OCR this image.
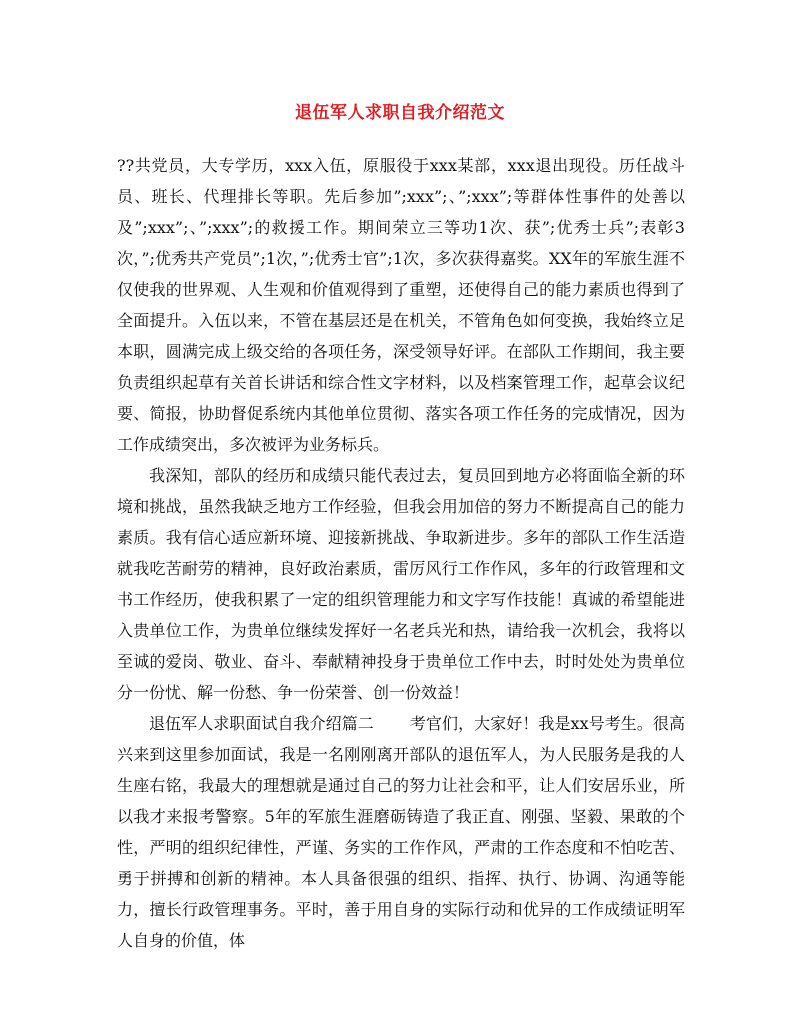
退伍军人求职自我介绍范文

??共党员，大专学历，xxx入伍，原服役于xxx某部，xxx退出现役。历任战斗员、班长、代理排长等职。先后参加”;xxx”;、”;xxx”;等群体性事件的处善以及”;xxx”;、”;xxx”;的救援工作。期间荣立三等功1次、获”;优秀士兵”;表彰3次，”;优秀共产党员”;1次，”;优秀士官”;1次，多次获得嘉奖。XX年的军旅生涯不仅使我的世界观、人生观和价值观得到了重塑，还使得自己的能力素质也得到了全面提升。入伍以来，不管在基层还是在机关，不管角色如何变换，我始终立足本职，圆满完成上级交给的各项任务，深受领导好评。在部队工作期间，我主要负责组织起草有关首长讲话和综合性文字材料，以及档案管理工作，起草会议纪要、简报，协助督促系统内其他单位贯彻、落实各项工作任务的完成情况，因为工作成绩突出，多次被评为业务标兵。

我深知，部队的经历和成绩只能代表过去，复员回到地方必将面临全新的环境和挑战，虽然我缺乏地方工作经验，但我会用加倍的努力不断提高自己的能力素质。我有信心适应新环境、迎接新挑战、争取新进步。多年的部队工作生活造就我吃苦耐劳的精神，良好政治素质，雷厉风行工作作风，多年的行政管理和文书工作经历，使我积累了一定的组织管理能力和文字写作技能！真诚的希望能进入贵单位工作，为贵单位继续发挥好一名老兵光和热，请给我一次机会，我将以至诚的爱岗、敬业、奋斗、奉献精神投身于贵单位工作中去，时时处处为贵单位分一份忧、解一份愁、争一份荣誉、创一份效益！

退伍军人求职面试自我介绍篇二 考官们，大家好！我是xx号考生。很高兴来到这里参加面试，我是一名刚刚离开部队的退伍军人，为人民服务是我的人生座右铭，我最大的理想就是通过自己的努力让社会和平，让人们安居乐业，所以我才来报考警察。5年的军旅生涯磨砺铸造了我正直、刚强、坚毅、果敢的个性，严明的组织纪律性，严谨、务实的工作作风，严肃的工作态度和不怕吃苦、勇于拼搏和创新的精神。本人具备很强的组织、指挥、执行、协调、沟通等能力，擅长行政管理事务。平时，善于用自身的实际行动和优异的工作成绩证明军人自身的价值，体
